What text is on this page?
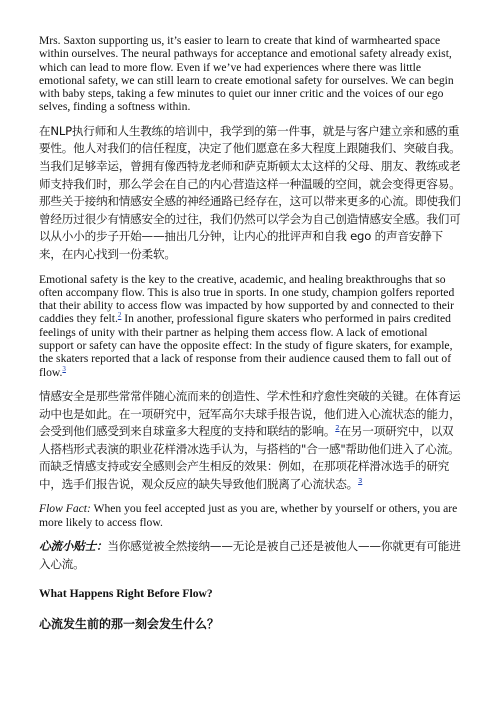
Mrs. Saxton supporting us, it’s easier to learn to create that kind of warmhearted space within ourselves. The neural pathways for acceptance and emotional safety already exist, which can lead to more flow. Even if we’ve had experiences where there was little emotional safety, we can still learn to create emotional safety for ourselves. We can begin with baby steps, taking a few minutes to quiet our inner critic and the voices of our ego selves, finding a softness within.

在NLP执行师和人生教练的培训中，我学到的第一件事，就是与客户建立亲和感的重要性。他人对我们的信任程度，决定了他们愿意在多大程度上跟随我们、突破自我。当我们足够幸运，曾拥有像西特龙老师和萨克斯顿太太这样的父母、朋友、教练或老师支持我们时，那么学会在自己的内心营造这样一种温暖的空间，就会变得更容易。那些关于接纳和情感安全感的神经通路已经存在，这可以带来更多的心流。即使我们曾经历过很少有情感安全的过往，我们仍然可以学会为自己创造情感安全感。我们可以从小小的步子开始——抽出几分钟，让内心的批评声和自我 ego 的声音安静下来，在内心找到一份柔软。

Emotional safety is the key to the creative, academic, and healing breakthroughs that so often accompany flow. This is also true in sports. In one study, champion golfers reported that their ability to access flow was impacted by how supported by and connected to their caddies they felt.$^2$ In another, professional figure skaters who performed in pairs credited feelings of unity with their partner as helping them access flow. A lack of emotional support or safety can have the opposite effect: In the study of figure skaters, for example, the skaters reported that a lack of response from their audience caused them to fall out of flow.$^3$

情感安全是那些常常伴随心流而来的创造性、学术性和疗愈性突破的关键。在体育运动中也是如此。在一项研究中，冠军高尔夫球手报告说，他们进入心流状态的能力，会受到他们感受到来自球童多大程度的支持和联结的影响。$^2$在另一项研究中，以双人搭档形式表演的职业花样滑冰选手认为，与搭档的"合一感"帮助他们进入了心流。而缺乏情感支持或安全感则会产生相反的效果：例如，在那项花样滑冰选手的研究中，选手们报告说，观众反应的缺失导致他们脱离了心流状态。$^3$

Flow Fact: When you feel accepted just as you are, whether by yourself or others, you are more likely to access flow.

心流小贴士：当你感觉被全然接纳——无论是被自己还是被他人——你就更有可能进入心流。

What Happens Right Before Flow?
心流发生前的那一刻会发生什么？
